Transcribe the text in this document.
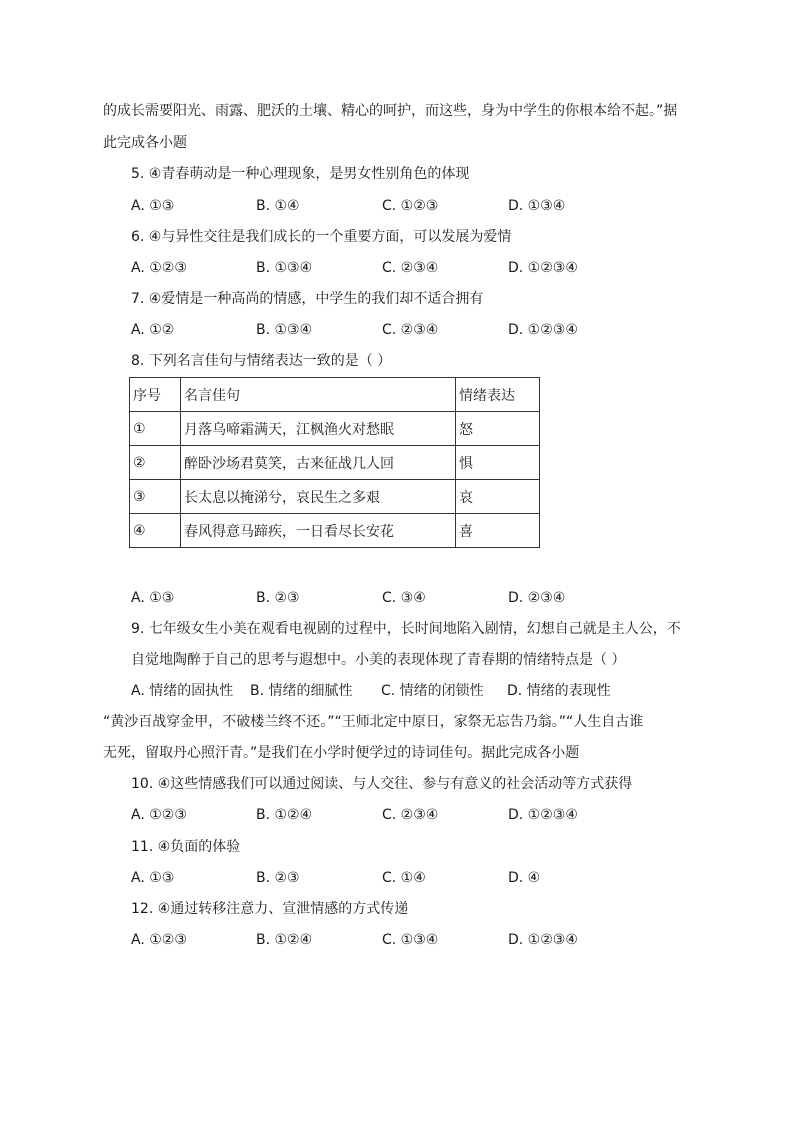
的成长需要阳光、雨露、肥沃的土壤、精心的呵护，而这些，身为中学生的你根本给不起。”据
此完成各小题
5. ④青春萌动是一种心理现象，是男女性别角色的体现
A. ①③	B. ①④	C. ①②③	D. ①③④
6. ④与异性交往是我们成长的一个重要方面，可以发展为爱情
A. ①②③	B. ①③④	C. ②③④	D. ①②③④
7. ④爱情是一种高尚的情感，中学生的我们却不适合拥有
A. ①②	B. ①③④	C. ②③④	D. ①②③④
8. 下列名言佳句与情绪表达一致的是（ ）
序号	名言佳句	情绪表达
①	月落乌啼霜满天，江枫渔火对愁眠	怒
②	醉卧沙场君莫笑，古来征战几人回	惧
③	长太息以掩涕兮，哀民生之多艰	哀
④	春风得意马蹄疾，一日看尽长安花	喜
A. ①③	B. ②③	C. ③④	D. ②③④
9. 七年级女生小美在观看电视剧的过程中，长时间地陷入剧情，幻想自己就是主人公，不
自觉地陶醉于自己的思考与遐想中。小美的表现体现了青春期的情绪特点是（ ）
A. 情绪的固执性 B. 情绪的细腻性 C. 情绪的闭锁性 D. 情绪的表现性
“黄沙百战穿金甲，不破楼兰终不还。”“王师北定中原日，家祭无忘告乃翁。”“人生自古谁
无死，留取丹心照汗青。”是我们在小学时便学过的诗词佳句。据此完成各小题
10. ④这些情感我们可以通过阅读、与人交往、参与有意义的社会活动等方式获得
A. ①②③	B. ①②④	C. ②③④	D. ①②③④
11. ④负面的体验
A. ①③	B. ②③	C. ①④	D. ④
12. ④通过转移注意力、宣泄情感的方式传递
A. ①②③	B. ①②④	C. ①③④	D. ①②③④
